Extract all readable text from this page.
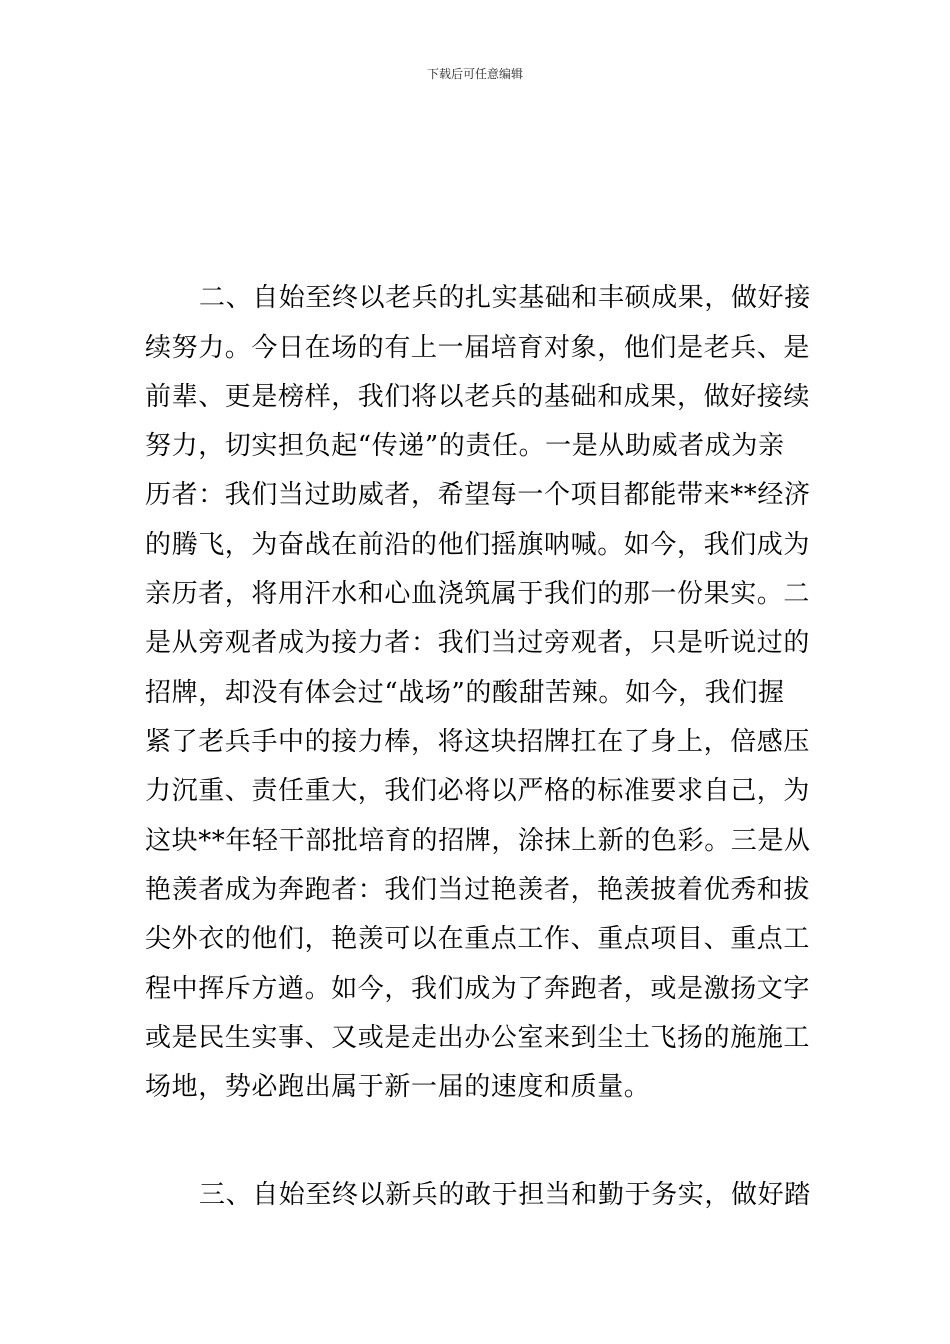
下载后可任意编辑
二、自始至终以老兵的扎实基础和丰硕成果，做好接
续努力。今日在场的有上一届培育对象，他们是老兵、是
前辈、更是榜样，我们将以老兵的基础和成果，做好接续
努力，切实担负起“传递”的责任。一是从助威者成为亲
历者：我们当过助威者，希望每一个项目都能带来**经济
的腾飞，为奋战在前沿的他们摇旗呐喊。如今，我们成为
亲历者，将用汗水和心血浇筑属于我们的那一份果实。二
是从旁观者成为接力者：我们当过旁观者，只是听说过的
招牌，却没有体会过“战场”的酸甜苦辣。如今，我们握
紧了老兵手中的接力棒，将这块招牌扛在了身上，倍感压
力沉重、责任重大，我们必将以严格的标准要求自己，为
这块**年轻干部批培育的招牌，涂抹上新的色彩。三是从
艳羡者成为奔跑者：我们当过艳羡者，艳羡披着优秀和拔
尖外衣的他们，艳羡可以在重点工作、重点项目、重点工
程中挥斥方遒。如今，我们成为了奔跑者，或是激扬文字
或是民生实事、又或是走出办公室来到尘土飞扬的施施工
场地，势必跑出属于新一届的速度和质量。
三、自始至终以新兵的敢于担当和勤于务实，做好踏
